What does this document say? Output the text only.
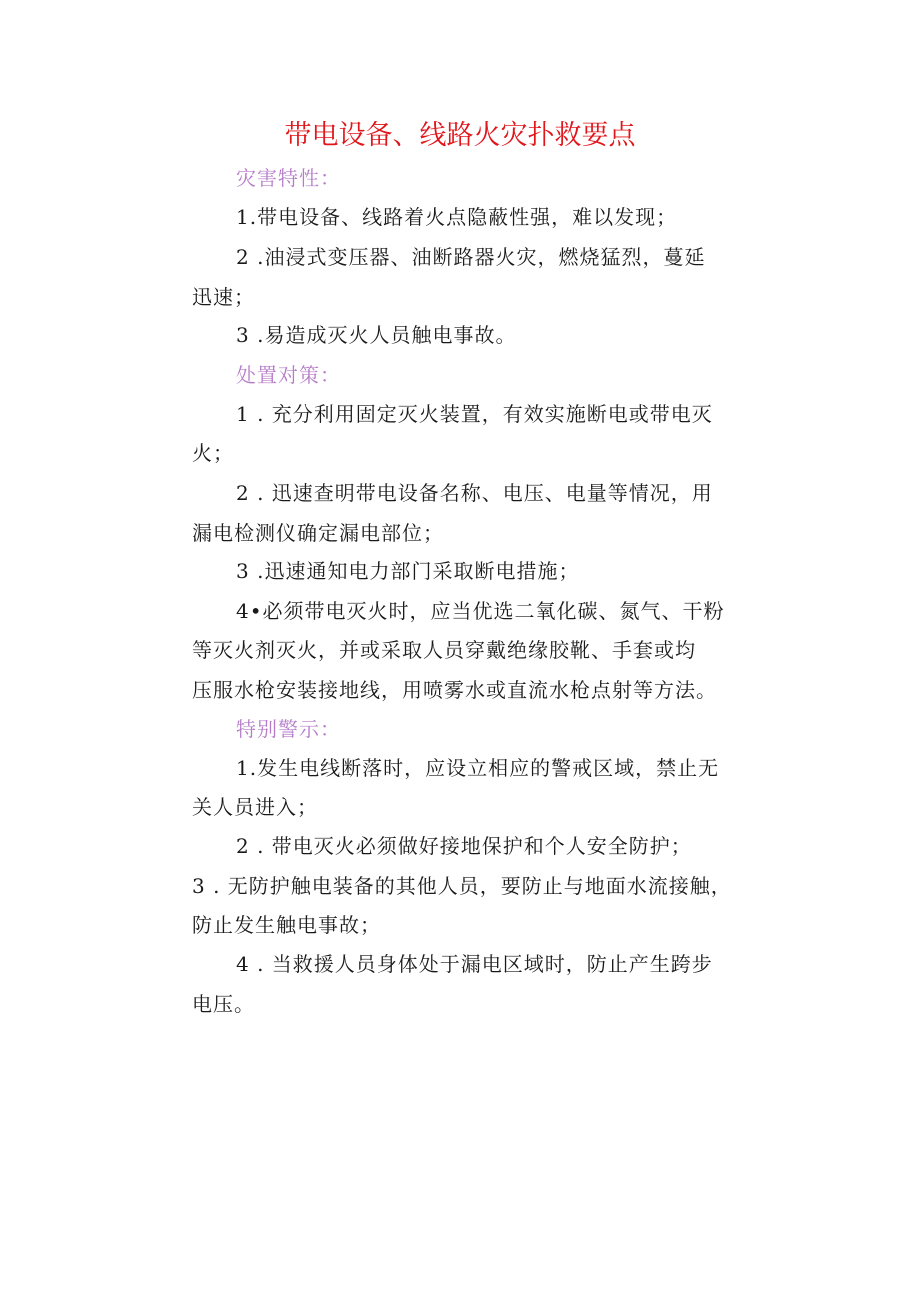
带电设备、线路火灾扑救要点
灾害特性：
1.带电设备、线路着火点隐蔽性强，难以发现；
2 .油浸式变压器、油断路器火灾，燃烧猛烈，蔓延
迅速；
3 .易造成灭火人员触电事故。
处置对策：
1 . 充分利用固定灭火装置，有效实施断电或带电灭
火；
2 . 迅速查明带电设备名称、电压、电量等情况，用
漏电检测仪确定漏电部位；
3 .迅速通知电力部门采取断电措施；
4•必须带电灭火时，应当优选二氧化碳、氮气、干粉
等灭火剂灭火，并或采取人员穿戴绝缘胶靴、手套或均
压服水枪安装接地线，用喷雾水或直流水枪点射等方法。
特别警示：
1.发生电线断落时，应设立相应的警戒区域，禁止无
关人员进入；
2 . 带电灭火必须做好接地保护和个人安全防护；
3 . 无防护触电装备的其他人员，要防止与地面水流接触，
防止发生触电事故；
4 . 当救援人员身体处于漏电区域时，防止产生跨步
电压。
